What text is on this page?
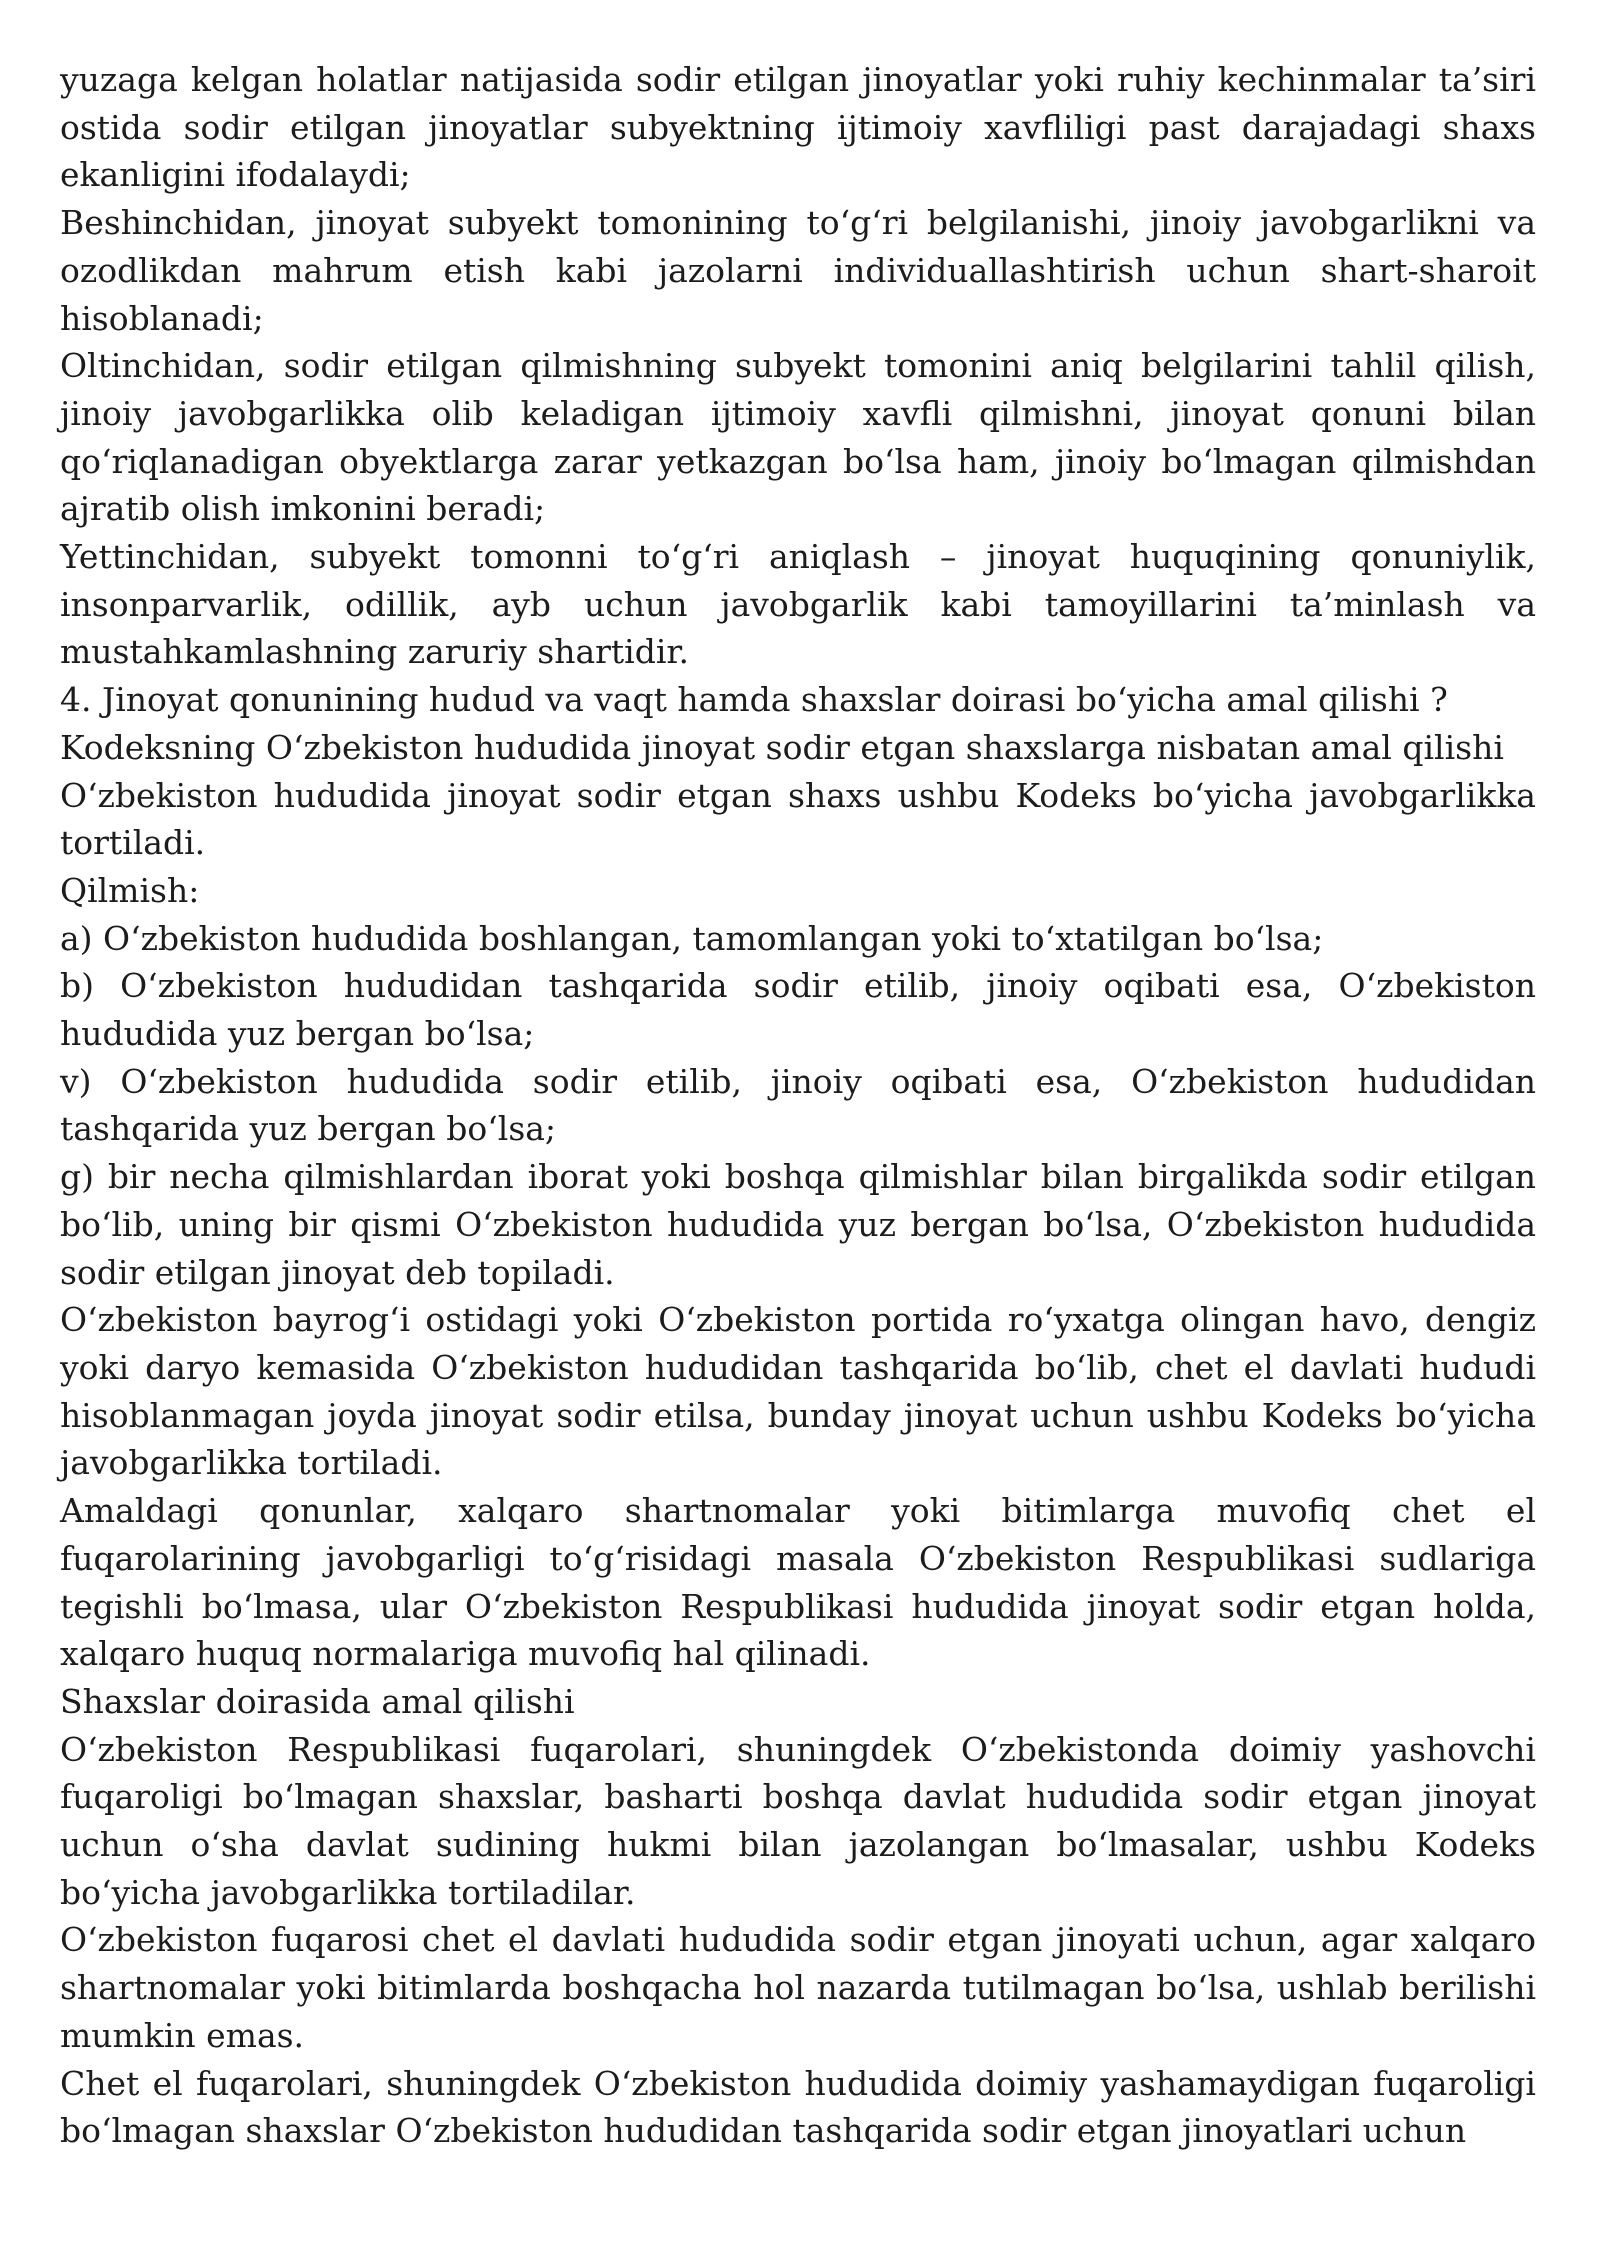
yuzaga kelgan holatlar natijasida sodir etilgan jinoyatlar yoki ruhiy kechinmalar ta’siri ostida sodir etilgan jinoyatlar subyektning ijtimoiy xavfliligi past darajadagi shaxs ekanligini ifodalaydi;

Beshinchidan, jinoyat subyekt tomonining to‘g‘ri belgilanishi, jinoiy javobgarlikni va ozodlikdan mahrum etish kabi jazolarni individuallashtirish uchun shart-sharoit hisoblanadi;

Oltinchidan, sodir etilgan qilmishning subyekt tomonini aniq belgilarini tahlil qilish, jinoiy javobgarlikka olib keladigan ijtimoiy xavfli qilmishni, jinoyat qonuni bilan qo‘riqlanadigan obyektlarga zarar yetkazgan bo‘lsa ham, jinoiy bo‘lmagan qilmishdan ajratib olish imkonini beradi;

Yettinchidan, subyekt tomonni to‘g‘ri aniqlash – jinoyat huquqining qonuniylik, insonparvarlik, odillik, ayb uchun javobgarlik kabi tamoyillarini ta’minlash va mustahkamlashning zaruriy shartidir.

4. Jinoyat qonunining hudud va vaqt hamda shaxslar doirasi bo‘yicha amal qilishi ?

Kodeksning O‘zbekiston hududida jinoyat sodir etgan shaxslarga nisbatan amal qilishi

O‘zbekiston hududida jinoyat sodir etgan shaxs ushbu Kodeks bo‘yicha javobgarlikka tortiladi.

Qilmish:

a) O‘zbekiston hududida boshlangan, tamomlangan yoki to‘xtatilgan bo‘lsa;

b) O‘zbekiston hududidan tashqarida sodir etilib, jinoiy oqibati esa, O‘zbekiston hududida yuz bergan bo‘lsa;

v) O‘zbekiston hududida sodir etilib, jinoiy oqibati esa, O‘zbekiston hududidan tashqarida yuz bergan bo‘lsa;

g) bir necha qilmishlardan iborat yoki boshqa qilmishlar bilan birgalikda sodir etilgan bo‘lib, uning bir qismi O‘zbekiston hududida yuz bergan bo‘lsa, O‘zbekiston hududida sodir etilgan jinoyat deb topiladi.

O‘zbekiston bayrog‘i ostidagi yoki O‘zbekiston portida ro‘yxatga olingan havo, dengiz yoki daryo kemasida O‘zbekiston hududidan tashqarida bo‘lib, chet el davlati hududi hisoblanmagan joyda jinoyat sodir etilsa, bunday jinoyat uchun ushbu Kodeks bo‘yicha javobgarlikka tortiladi.

Amaldagi qonunlar, xalqaro shartnomalar yoki bitimlarga muvofiq chet el fuqarolarining javobgarligi to‘g‘risidagi masala O‘zbekiston Respublikasi sudlariga tegishli bo‘lmasa, ular O‘zbekiston Respublikasi hududida jinoyat sodir etgan holda, xalqaro huquq normalariga muvofiq hal qilinadi.

Shaxslar doirasida amal qilishi

O‘zbekiston Respublikasi fuqarolari, shuningdek O‘zbekistonda doimiy yashovchi fuqaroligi bo‘lmagan shaxslar, basharti boshqa davlat hududida sodir etgan jinoyat uchun o‘sha davlat sudining hukmi bilan jazolangan bo‘lmasalar, ushbu Kodeks bo‘yicha javobgarlikka tortiladilar.

O‘zbekiston fuqarosi chet el davlati hududida sodir etgan jinoyati uchun, agar xalqaro shartnomalar yoki bitimlarda boshqacha hol nazarda tutilmagan bo‘lsa, ushlab berilishi mumkin emas.

Chet el fuqarolari, shuningdek O‘zbekiston hududida doimiy yashamaydigan fuqaroligi bo‘lmagan shaxslar O‘zbekiston hududidan tashqarida sodir etgan jinoyatlari uchun
